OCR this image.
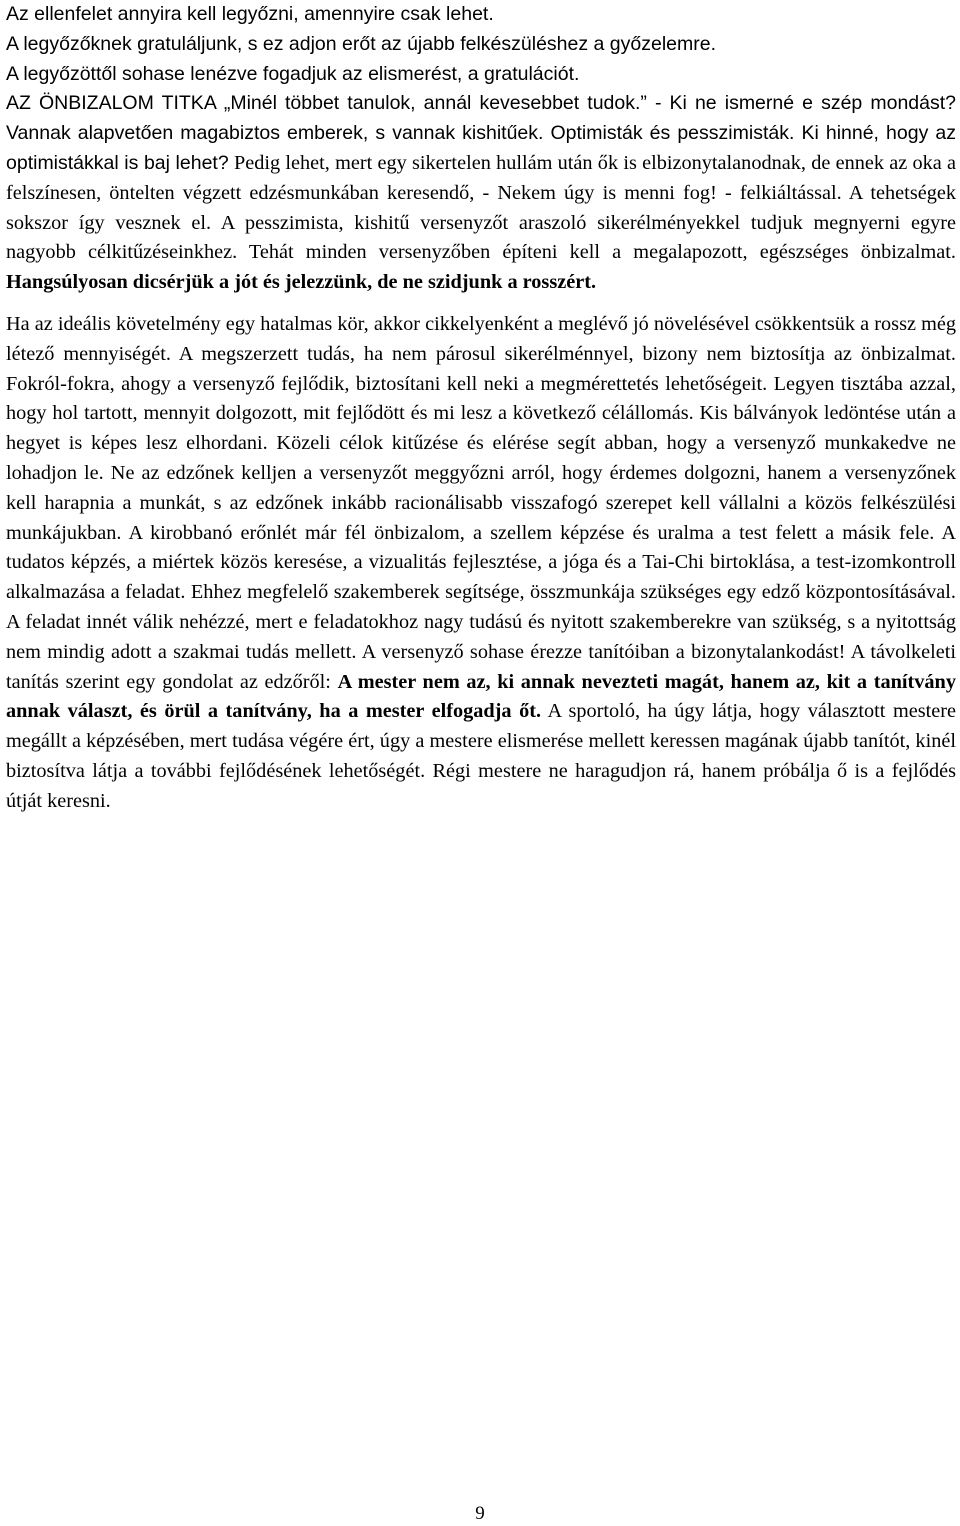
Az ellenfelet annyira kell legyőzni, amennyire csak lehet.
A legyőzőknek gratuláljunk, s ez adjon erőt az újabb felkészüléshez a győzelemre.
A legyőzöttől sohase lenézve fogadjuk az elismerést, a gratulációt.

AZ ÖNBIZALOM TITKA „Minél többet tanulok, annál kevesebbet tudok.” - Ki ne ismerné e szép mondást? Vannak alapvetően magabiztos emberek, s vannak kishitűek. Optimisták és pesszimisták. Ki hinné, hogy az optimistákkal is baj lehet? Pedig lehet, mert egy sikertelen hullám után ők is elbizonytalanodnak, de ennek az oka a felszínesen, öntelten végzett edzésmunkában keresendő, - Nekem úgy is menni fog! - felkiáltással. A tehetségek sokszor így vesznek el. A pesszimista, kishitű versenyzőt araszoló sikerélményekkel tudjuk megnyerni egyre nagyobb célkitűzéseinkhez. Tehát minden versenyzőben építeni kell a megalapozott, egészséges önbizalmat. Hangsúlyosan dicsérjük a jót és jelezzünk, de ne szidjunk a rosszért.

Ha az ideális követelmény egy hatalmas kör, akkor cikkelyenként a meglévő jó növelésével csökkentsük a rossz még létező mennyiségét. A megszerzett tudás, ha nem párosul sikerélménnyel, bizony nem biztosítja az önbizalmat. Fokról-fokra, ahogy a versenyző fejlődik, biztosítani kell neki a megmérettetés lehetőségeit. Legyen tisztába azzal, hogy hol tartott, mennyit dolgozott, mit fejlődött és mi lesz a következő célállomás. Kis bálványok ledöntése után a hegyet is képes lesz elhordani. Közeli célok kitűzése és elérése segít abban, hogy a versenyző munkakedve ne lohadjon le. Ne az edzőnek kelljen a versenyzőt meggyőzni arról, hogy érdemes dolgozni, hanem a versenyzőnek kell harapnia a munkát, s az edzőnek inkább racionálisabb visszafogó szerepet kell vállalni a közös felkészülési munkájukban. A kirobbanó erőnlét már fél önbizalom, a szellem képzése és uralma a test felett a másik fele. A tudatos képzés, a miértek közös keresése, a vizualitás fejlesztése, a jóga és a Tai-Chi birtoklása, a test-izomkontroll alkalmazása a feladat. Ehhez megfelelő szakemberek segítsége, összmunkája szükséges egy edző központosításával. A feladat innét válik nehézzé, mert e feladatokhoz nagy tudású és nyitott szakemberekre van szükség, s a nyitottság nem mindig adott a szakmai tudás mellett. A versenyző sohase érezze tanítóiban a bizonytalankodást! A távolkeleti tanítás szerint egy gondolat az edzőről: A mester nem az, ki annak nevezteti magát, hanem az, kit a tanítvány annak választ, és örül a tanítvány, ha a mester elfogadja őt. A sportoló, ha úgy látja, hogy választott mestere megállt a képzésében, mert tudása végére ért, úgy a mestere elismerése mellett keressen magának újabb tanítót, kinél biztosítva látja a további fejlődésének lehetőségét. Régi mestere ne haragudjon rá, hanem próbálja ő is a fejlődés útját keresni.

9
